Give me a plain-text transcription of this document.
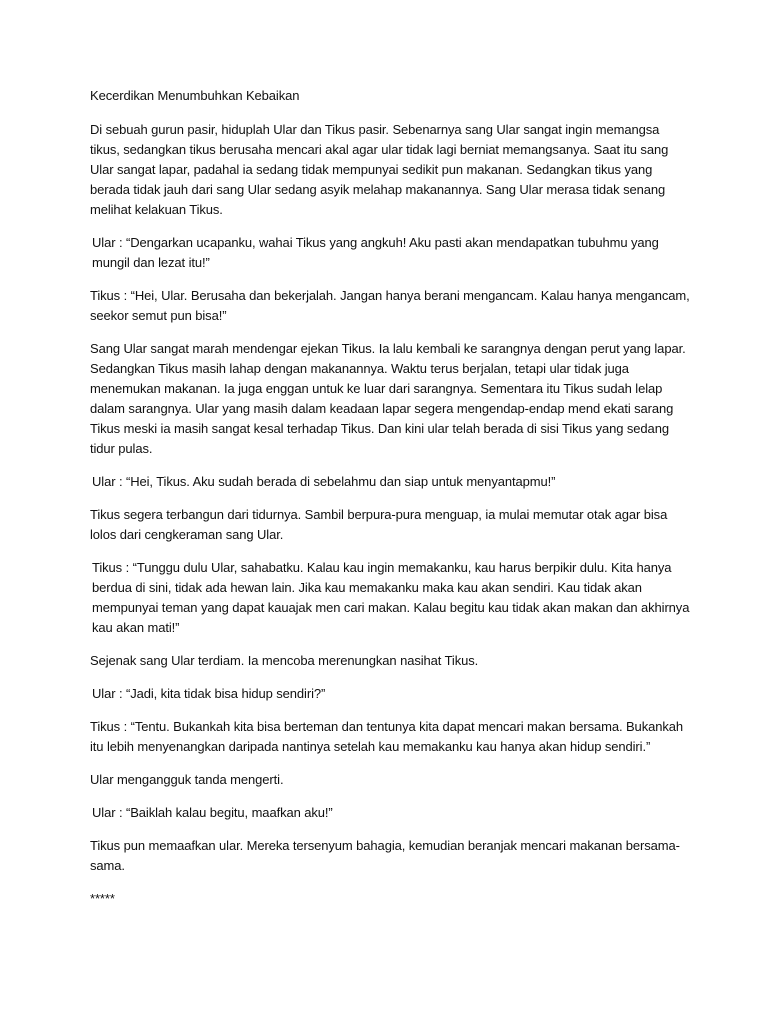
Kecerdikan Menumbuhkan Kebaikan

Di sebuah gurun pasir, hiduplah Ular dan Tikus pasir. Sebenarnya sang Ular sangat ingin memangsa tikus, sedangkan tikus berusaha mencari akal agar ular tidak lagi berniat memangsanya. Saat itu sang Ular sangat lapar, padahal ia sedang tidak mempunyai sedikit pun makanan. Sedangkan tikus yang berada tidak jauh dari sang Ular sedang asyik melahap makanannya. Sang Ular merasa tidak senang melihat kelakuan Tikus.

Ular : “Dengarkan ucapanku, wahai Tikus yang angkuh! Aku pasti akan mendapatkan tubuhmu yang mungil dan lezat itu!”

Tikus : “Hei, Ular. Berusaha dan bekerjalah. Jangan hanya berani mengancam. Kalau hanya mengancam, seekor semut pun bisa!”

Sang Ular sangat marah mendengar ejekan Tikus. Ia lalu kembali ke sarangnya dengan perut yang lapar. Sedangkan Tikus masih lahap dengan makanannya. Waktu terus berjalan, tetapi ular tidak juga menemukan makanan. Ia juga enggan untuk ke luar dari sarangnya. Sementara itu Tikus sudah lelap dalam sarangnya. Ular yang masih dalam keadaan lapar segera mengendap-endap mend ekati sarang Tikus meski ia masih sangat kesal terhadap Tikus. Dan kini ular telah berada di sisi Tikus yang sedang tidur pulas.

Ular : “Hei, Tikus. Aku sudah berada di sebelahmu dan siap untuk menyantapmu!”

Tikus segera terbangun dari tidurnya. Sambil berpura-pura menguap, ia mulai memutar otak agar bisa lolos dari cengkeraman sang Ular.

Tikus : “Tunggu dulu Ular, sahabatku. Kalau kau ingin memakanku, kau harus berpikir dulu. Kita hanya berdua di sini, tidak ada hewan lain. Jika kau memakanku maka kau akan sendiri. Kau tidak akan mempunyai teman yang dapat kauajak men cari makan. Kalau begitu kau tidak akan makan dan akhirnya kau akan mati!”

Sejenak sang Ular terdiam. Ia mencoba merenungkan nasihat Tikus.

Ular : “Jadi, kita tidak bisa hidup sendiri?”

Tikus : “Tentu. Bukankah kita bisa berteman dan tentunya kita dapat mencari makan bersama. Bukankah itu lebih menyenangkan daripada nantinya setelah kau memakanku kau hanya akan hidup sendiri.”

Ular mengangguk tanda mengerti.

Ular : “Baiklah kalau begitu, maafkan aku!”

Tikus pun memaafkan ular. Mereka tersenyum bahagia, kemudian beranjak mencari makanan bersama-sama.

*****
